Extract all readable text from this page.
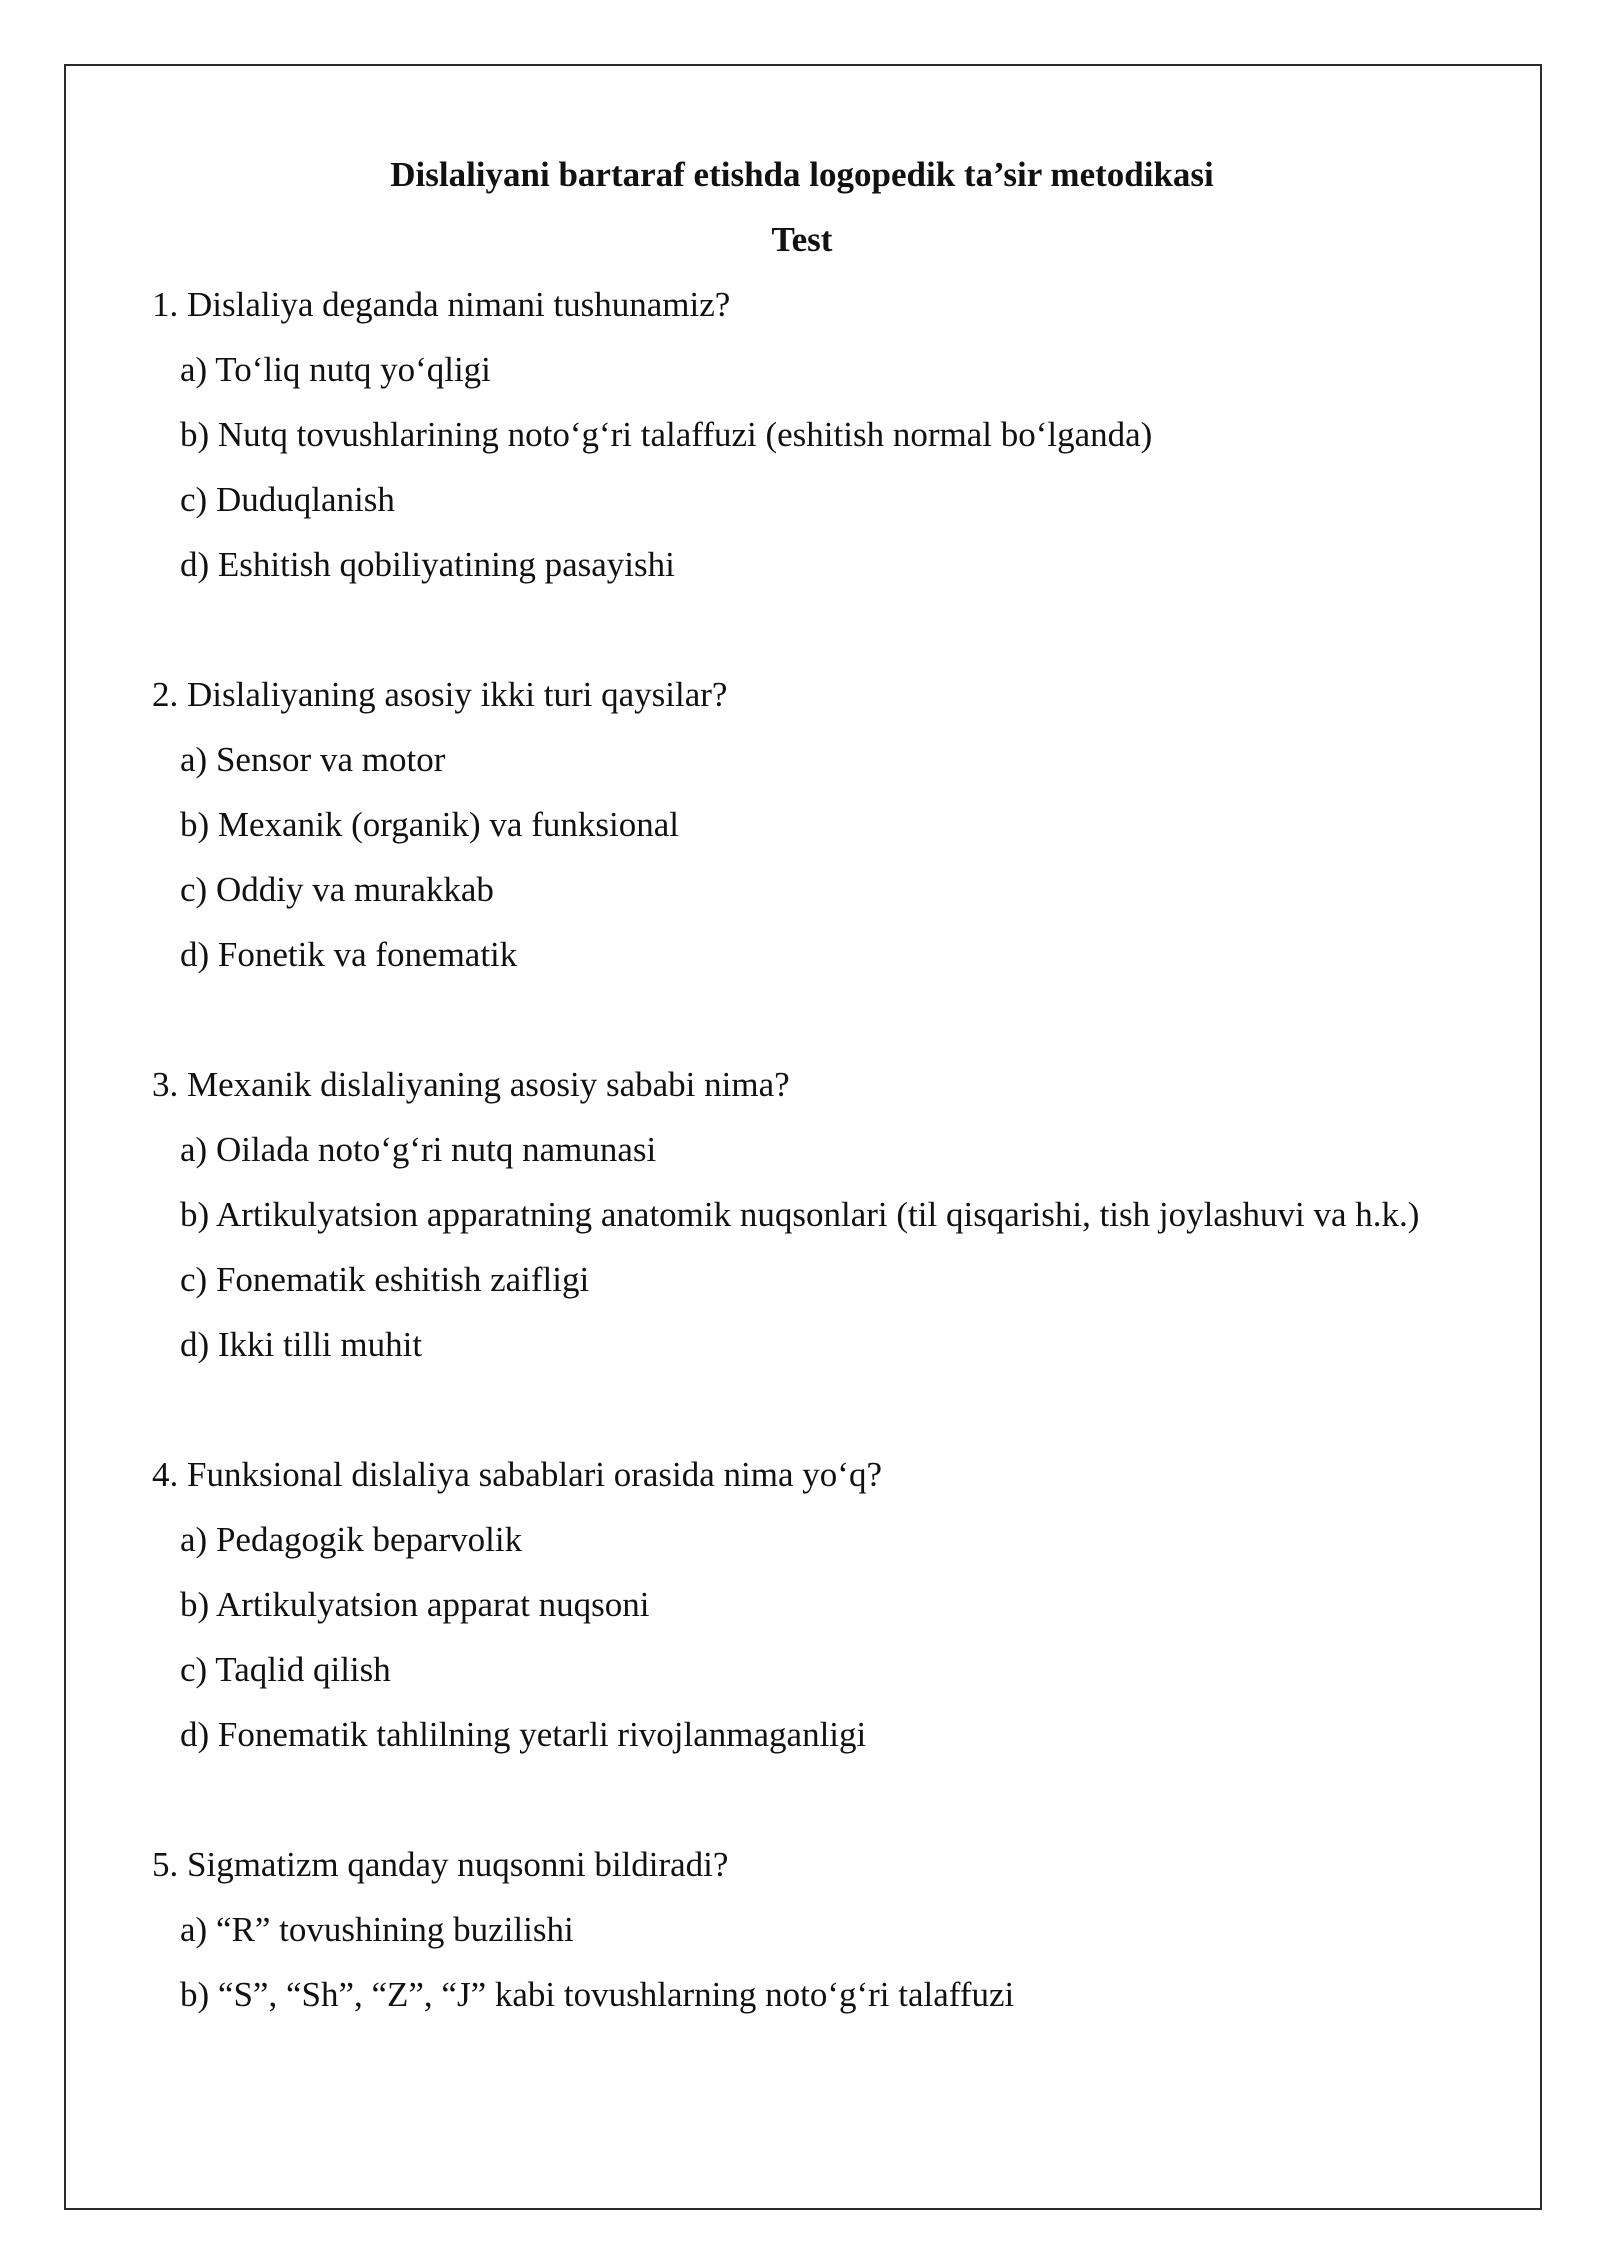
Dislaliyani bartaraf etishda logopedik ta’sir metodikasi

Test

1. Dislaliya deganda nimani tushunamiz?
a) To‘liq nutq yo‘qligi
b) Nutq tovushlarining noto‘g‘ri talaffuzi (eshitish normal bo‘lganda)
c) Duduqlanish
d) Eshitish qobiliyatining pasayishi
2. Dislaliyaning asosiy ikki turi qaysilar?
a) Sensor va motor
b) Mexanik (organik) va funksional
c) Oddiy va murakkab
d) Fonetik va fonematik
3. Mexanik dislaliyaning asosiy sababi nima?
a) Oilada noto‘g‘ri nutq namunasi
b) Artikulyatsion apparatning anatomik nuqsonlari (til qisqarishi, tish joylashuvi va h.k.)
c) Fonematik eshitish zaifligi
d) Ikki tilli muhit
4. Funksional dislaliya sabablari orasida nima yo‘q?
a) Pedagogik beparvolik
b) Artikulyatsion apparat nuqsoni
c) Taqlid qilish
d) Fonematik tahlilning yetarli rivojlanmaganligi
5. Sigmatizm qanday nuqsonni bildiradi?
a) “R” tovushining buzilishi
b) “S”, “Sh”, “Z”, “J” kabi tovushlarning noto‘g‘ri talaffuzi
